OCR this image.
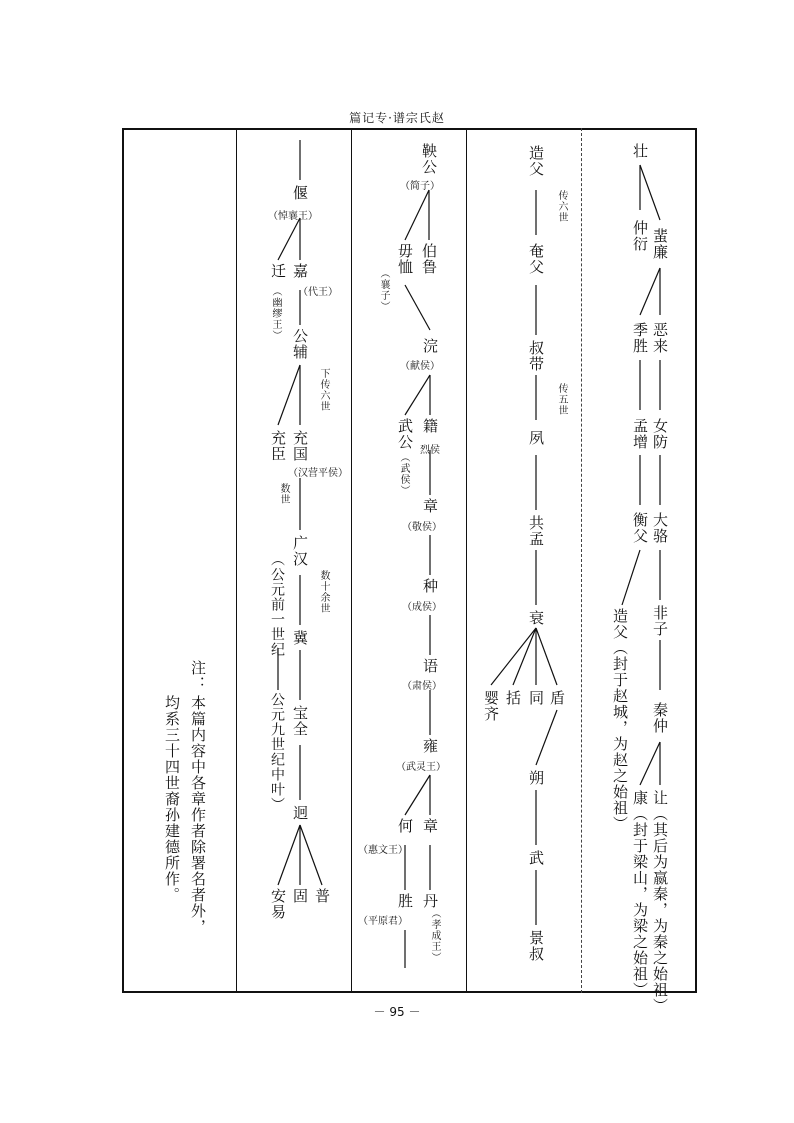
篇记专·谱宗氏赵
壮
仲衍 蜚廉
季胜 恶来
孟增 女防
衡父 大骆
造父（封于赵城，为赵之始祖） 非子
秦仲
康（封于梁山，为梁之始祖） 让（其后为嬴秦，为秦之始祖）
造父
传六世
奄父
叔带
传五世
夙
共孟
衰
婴齐 括 同 盾
朔
武
景叔
鞅公
（简子）
伯鲁
毋恤
（襄子）
浣
（献侯）
武公
（武侯）
籍
烈侯
章
（敬侯）
种
（成侯）
语
（肃侯）
雍
（武灵王）
何 章
（惠文王）
胜
（平原君）
丹
（孝成王）
偃
（悼襄王）
迁
（幽缪王）
嘉
（代王）
公辅
下传六世
充臣 充国
（汉营平侯）
数世
广汉
数十余世
（公元前一世纪 冀
公元九世纪中叶） 宝全
迥
安易 固 普
注：
本篇内容中各章作者除署名者外，
均系三十四世裔孙建德所作。
－ 95 －
